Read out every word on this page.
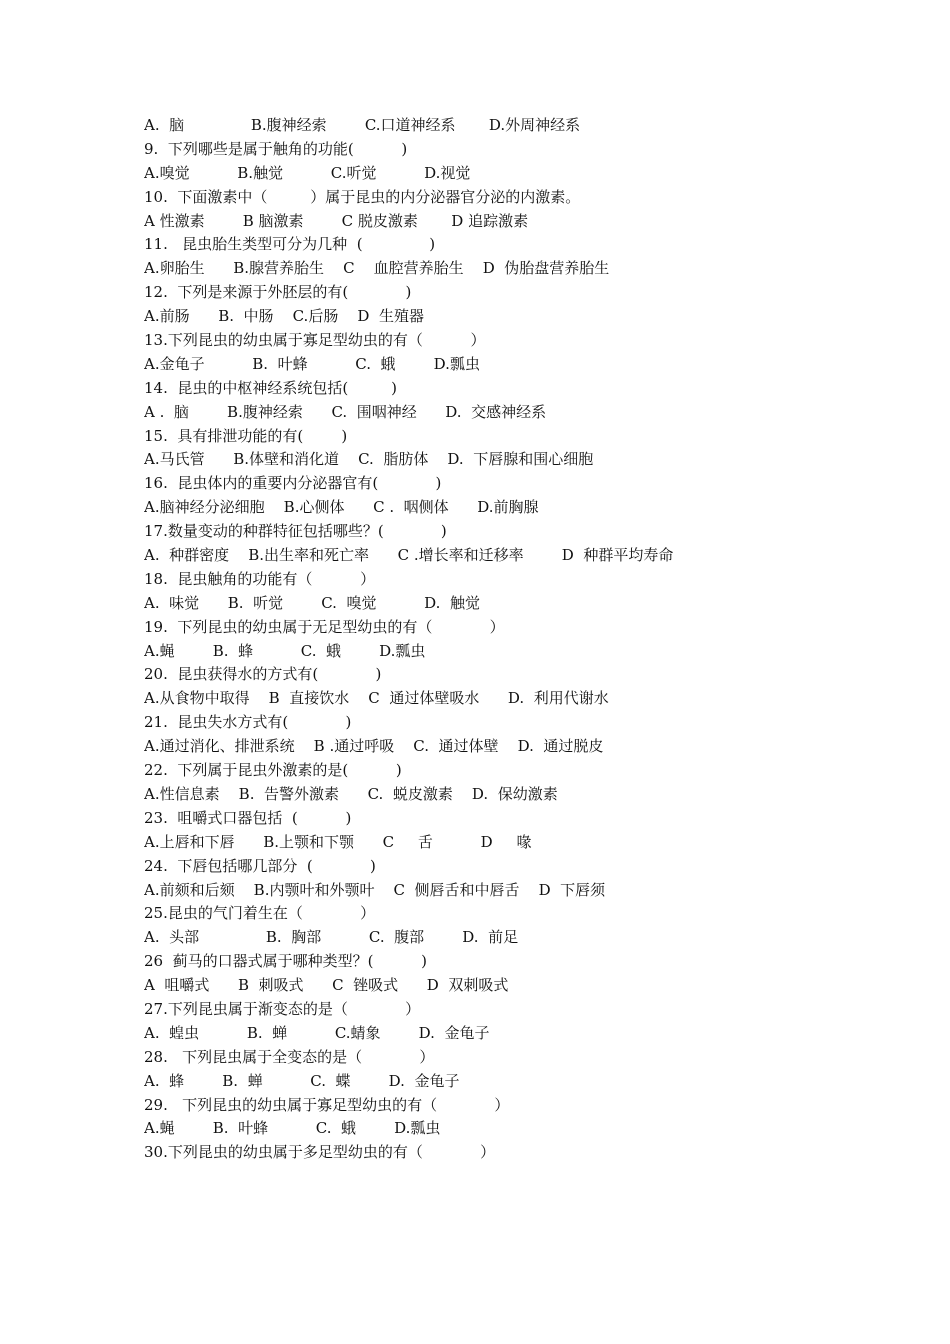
A.  脑              B.腹神经索        C.口道神经系       D.外周神经系
9.  下列哪些是属于触角的功能(          )
A.嗅觉          B.触觉          C.听觉          D.视觉
10.  下面激素中（         ）属于昆虫的内分泌器官分泌的内激素。
A 性激素        B 脑激素        C 脱皮激素       D 追踪激素
11.   昆虫胎生类型可分为几种  (              )
A.卵胎生      B.腺营养胎生    C    血腔营养胎生    D  伪胎盘营养胎生
12.  下列是来源于外胚层的有(            )
A.前肠      B.  中肠    C.后肠    D  生殖器
13.下列昆虫的幼虫属于寡足型幼虫的有（          ）
A.金龟子          B.  叶蜂          C.  蛾        D.瓢虫
14.  昆虫的中枢神经系统包括(         )
A .  脑        B.腹神经索      C.  围咽神经      D.  交感神经系
15.  具有排泄功能的有(        )
A.马氏管      B.体壁和消化道    C.  脂肪体    D.  下唇腺和围心细胞
16.  昆虫体内的重要内分泌器官有(            )
A.脑神经分泌细胞    B.心侧体      C .  咽侧体      D.前胸腺
17.数量变动的种群特征包括哪些？(            )
A.  种群密度    B.出生率和死亡率      C .增长率和迁移率        D  种群平均寿命
18.  昆虫触角的功能有（          ）
A.  味觉      B.  听觉        C.  嗅觉          D.  触觉
19.  下列昆虫的幼虫属于无足型幼虫的有（            ）
A.蝇        B.  蜂          C.  蛾        D.瓢虫
20.  昆虫获得水的方式有(            )
A.从食物中取得    B  直接饮水    C  通过体壁吸水      D.  利用代谢水
21.  昆虫失水方式有(            )
A.通过消化、排泄系统    B .通过呼吸    C.  通过体壁    D.  通过脱皮
22.  下列属于昆虫外激素的是(          )
A.性信息素    B.  告警外激素      C.  蜕皮激素    D.  保幼激素
23.  咀嚼式口器包括  (          )
A.上唇和下唇      B.上颚和下颚      C     舌          D     喙
24.  下唇包括哪几部分  (            )
A.前颏和后颏    B.内颚叶和外颚叶    C  侧唇舌和中唇舌    D  下唇须
25.昆虫的气门着生在（            ）
A.  头部              B.  胸部          C.  腹部        D.  前足
26  蓟马的口器式属于哪种类型？(          )
A  咀嚼式      B  刺吸式      C  锉吸式      D  双刺吸式
27.下列昆虫属于渐变态的是（            ）
A.  蝗虫          B.  蝉          C.蜻象        D.  金龟子
28.   下列昆虫属于全变态的是（            ）
A.  蜂        B.  蝉          C.  蝶        D.  金龟子
29.   下列昆虫的幼虫属于寡足型幼虫的有（            ）
A.蝇        B.  叶蜂          C.  蛾        D.瓢虫
30.下列昆虫的幼虫属于多足型幼虫的有（            ）
